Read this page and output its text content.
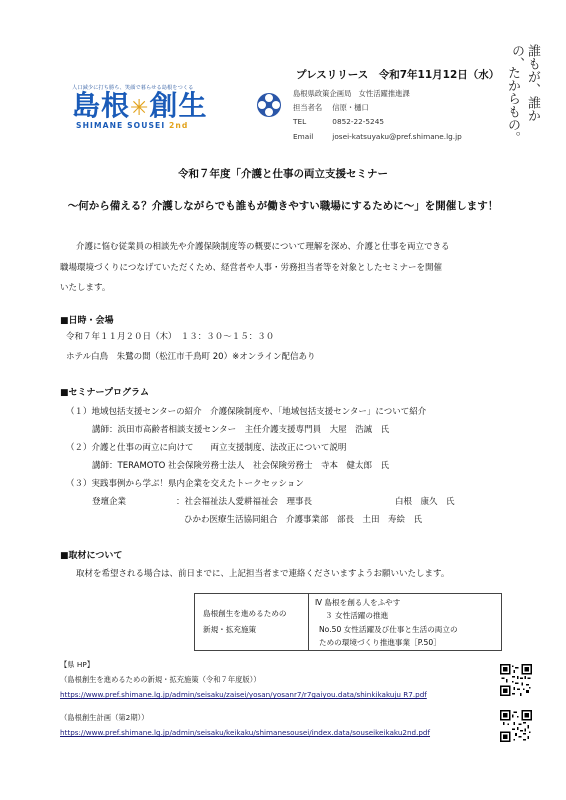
人口減少に打ち勝ち、笑顔で暮らせる島根をつくる
島根✳創生
SHIMANE SOUSEI 2nd
プレスリリース　令和7年11月12日（水）
島根県政策企画局　女性活躍推進課
担当者名　 信原・樋口
TEL　	0852-22-5245
Email　	josei-katsuyaku@pref.shimane.lg.jp
誰もが、誰かの、
たからもの。
令和７年度「介護と仕事の両立支援セミナー
～何から備える？介護しながらでも誰もが働きやすい職場にするために～」を開催します！
介護に悩む従業員の相談先や介護保険制度等の概要について理解を深め、介護と仕事を両立できる
職場環境づくりにつなげていただくため、経営者や人事・労務担当者等を対象としたセミナーを開催
いたします。
■日時・会場
令和７年１１月２０日（木）　１３：３０～１５：３０
ホテル白鳥　朱鷺の間（松江市千鳥町 20）※オンライン配信あり
■セミナープログラム
（１）地域包括支援センターの紹介　介護保険制度や、「地域包括支援センター」について紹介
講師：浜田市高齢者相談支援センター　主任介護支援専門員　大屋　浩誠　氏
（２）介護と仕事の両立に向けて　　両立支援制度、法改正について説明
講師：TERAMOTO 社会保険労務士法人　社会保険労務士　寺本　健太郎　氏
（３）実践事例から学ぶ！県内企業を交えたトークセッション
登壇企業	：社会福祉法人愛耕福祉会　理事長	白根　康久　氏
ひかわ医療生活協同組合　介護事業部　部長　土田　寿絵　氏
■取材について
取材を希望される場合は、前日までに、上記担当者まで連絡くださいますようお願いいたします。
島根創生を進めるための
新規・拡充施策
Ⅳ 島根を創る人をふやす
３ 女性活躍の推進
No.50 女性活躍及び仕事と生活の両立の
ための環境づくり推進事業［P.50］
【県 HP】
（島根創生を進めるための新規・拡充施策（令和７年度版））
https://www.pref.shimane.lg.jp/admin/seisaku/zaisei/yosan/yosanr7/r7gaiyou.data/shinkikakuju R7.pdf
（島根創生計画（第2期））
https://www.pref.shimane.lg.jp/admin/seisaku/keikaku/shimanesousei/index.data/souseikeikaku2nd.pdf
